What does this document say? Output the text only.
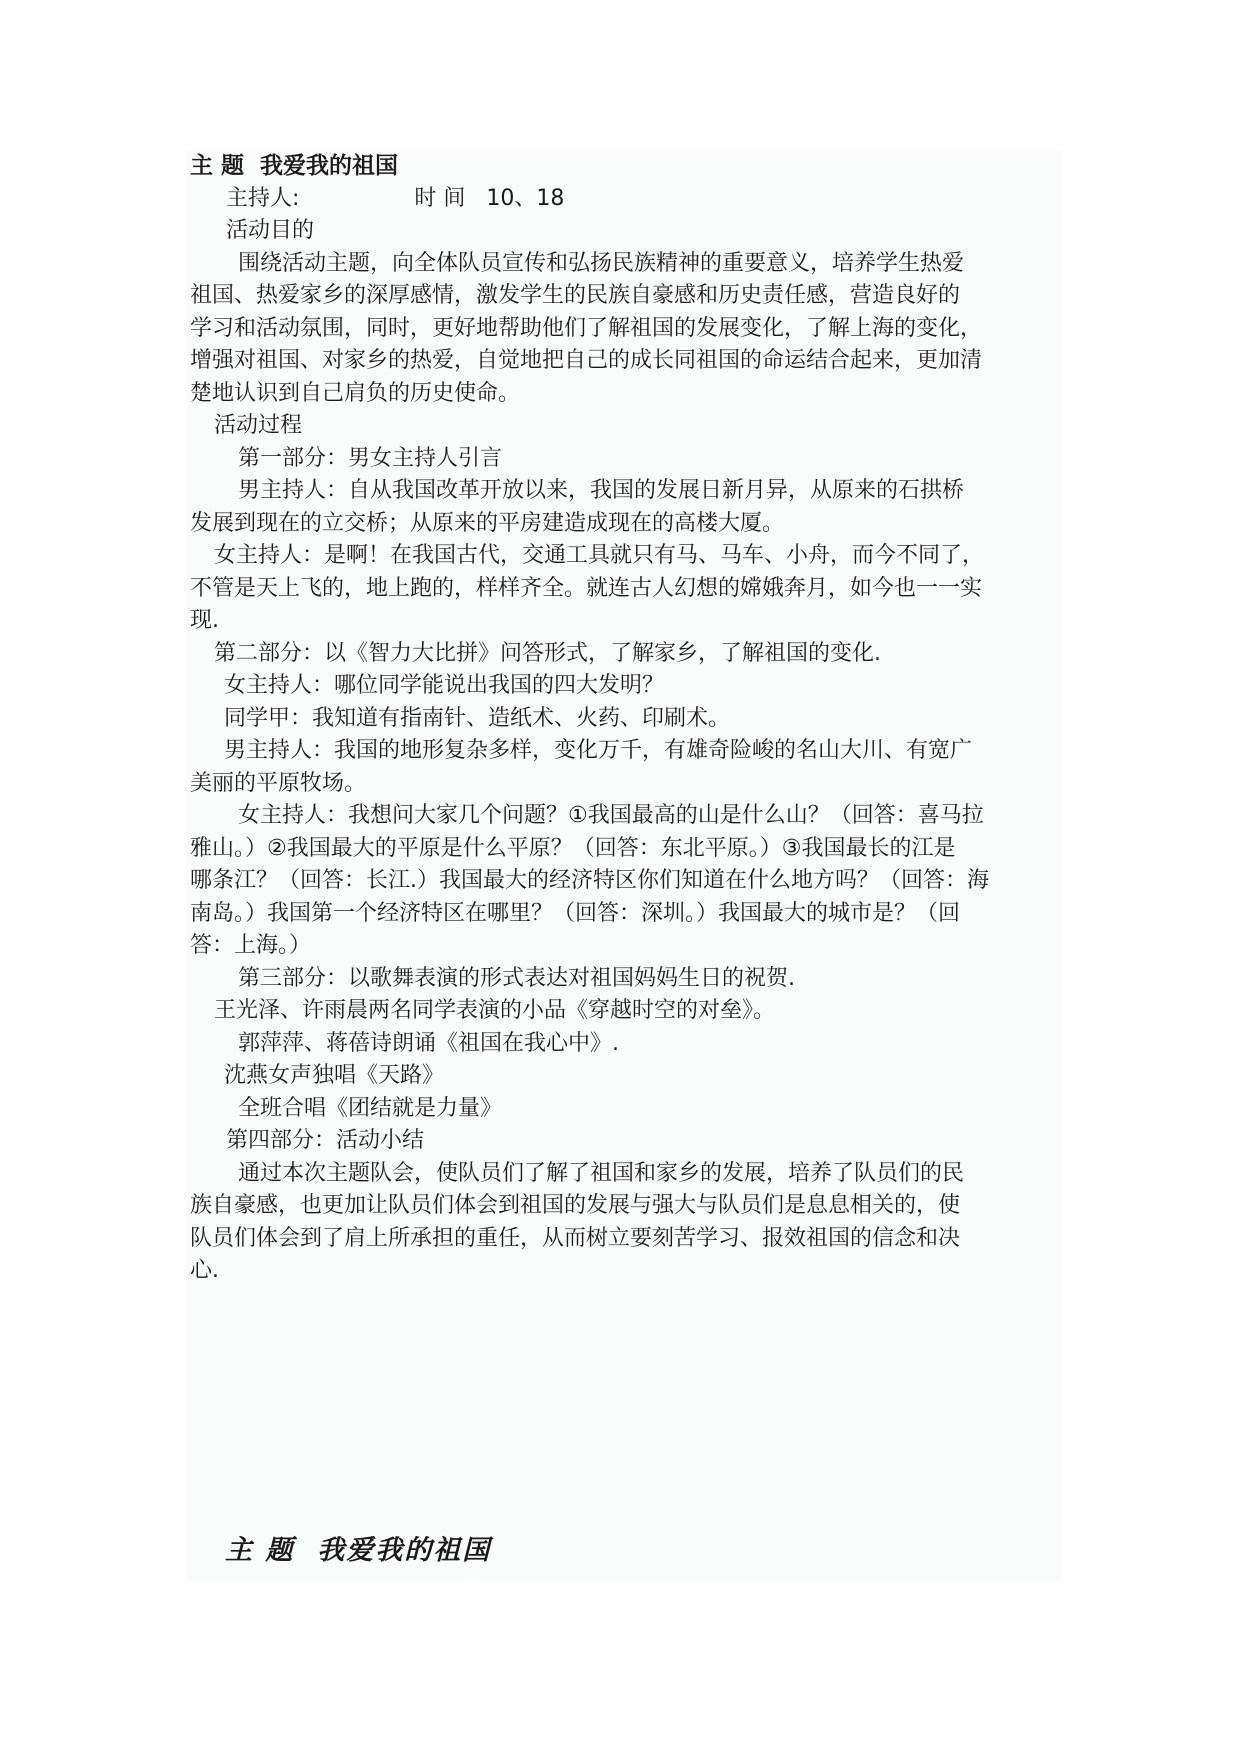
主 题 我爱我的祖国
主持人:	时 间 10、18
活动目的
围绕活动主题，向全体队员宣传和弘扬民族精神的重要意义，培养学生热爱
祖国、热爱家乡的深厚感情，激发学生的民族自豪感和历史责任感，营造良好的
学习和活动氛围，同时，更好地帮助他们了解祖国的发展变化，了解上海的变化，
增强对祖国、对家乡的热爱，自觉地把自己的成长同祖国的命运结合起来，更加清
楚地认识到自己肩负的历史使命。
活动过程
第一部分：男女主持人引言
男主持人：自从我国改革开放以来，我国的发展日新月异，从原来的石拱桥
发展到现在的立交桥；从原来的平房建造成现在的高楼大厦。
女主持人：是啊！在我国古代，交通工具就只有马、马车、小舟，而今不同了，
不管是天上飞的，地上跑的，样样齐全。就连古人幻想的嫦娥奔月，如今也一一实
现.
第二部分：以《智力大比拼》问答形式，了解家乡，了解祖国的变化.
女主持人：哪位同学能说出我国的四大发明？
同学甲：我知道有指南针、造纸术、火药、印刷术。
男主持人：我国的地形复杂多样，变化万千，有雄奇险峻的名山大川、有宽广
美丽的平原牧场。
女主持人：我想问大家几个问题？①我国最高的山是什么山？（回答：喜马拉
雅山。）②我国最大的平原是什么平原？（回答：东北平原。）③我国最长的江是
哪条江？（回答：长江.）我国最大的经济特区你们知道在什么地方吗？（回答：海
南岛。）我国第一个经济特区在哪里？（回答：深圳。）我国最大的城市是？（回
答：上海。）
第三部分：以歌舞表演的形式表达对祖国妈妈生日的祝贺.
王光泽、许雨晨两名同学表演的小品《穿越时空的对垒》。
郭萍萍、蒋蓓诗朗诵《祖国在我心中》.
沈燕女声独唱《天路》
全班合唱《团结就是力量》
第四部分：活动小结
通过本次主题队会，使队员们了解了祖国和家乡的发展，培养了队员们的民
族自豪感，也更加让队员们体会到祖国的发展与强大与队员们是息息相关的，使
队员们体会到了肩上所承担的重任，从而树立要刻苦学习、报效祖国的信念和决
心.
主 题 我爱我的祖国
